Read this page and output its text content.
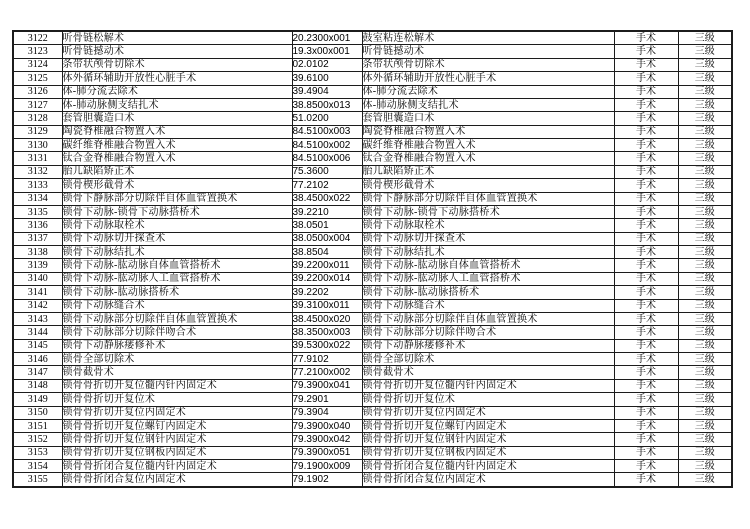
3122	听骨链松解术	20.2300x001	鼓室粘连松解术	手术	三级
3123	听骨链撼动术	19.3x00x001	听骨链撼动术	手术	三级
3124	条带状颅骨切除术	02.0102	条带状颅骨切除术	手术	三级
3125	体外循环辅助开放性心脏手术	39.6100	体外循环辅助开放性心脏手术	手术	三级
3126	体-肺分流去除术	39.4904	体-肺分流去除术	手术	三级
3127	体-肺动脉侧支结扎术	38.8500x013	体-肺动脉侧支结扎术	手术	三级
3128	套管胆囊造口术	51.0200	套管胆囊造口术	手术	三级
3129	陶瓷脊椎融合物置入术	84.5100x003	陶瓷脊椎融合物置入术	手术	三级
3130	碳纤维脊椎融合物置入术	84.5100x002	碳纤维脊椎融合物置入术	手术	三级
3131	钛合金脊椎融合物置入术	84.5100x006	钛合金脊椎融合物置入术	手术	三级
3132	胎儿缺陷矫正术	75.3600	胎儿缺陷矫正术	手术	三级
3133	锁骨楔形截骨术	77.2102	锁骨楔形截骨术	手术	三级
3134	锁骨下静脉部分切除伴自体血管置换术	38.4500x022	锁骨下静脉部分切除伴自体血管置换术	手术	三级
3135	锁骨下动脉-锁骨下动脉搭桥术	39.2210	锁骨下动脉-锁骨下动脉搭桥术	手术	三级
3136	锁骨下动脉取栓术	38.0501	锁骨下动脉取栓术	手术	三级
3137	锁骨下动脉切开探查术	38.0500x004	锁骨下动脉切开探查术	手术	三级
3138	锁骨下动脉结扎术	38.8504	锁骨下动脉结扎术	手术	三级
3139	锁骨下动脉-肱动脉自体血管搭桥术	39.2200x011	锁骨下动脉-肱动脉自体血管搭桥术	手术	三级
3140	锁骨下动脉-肱动脉人工血管搭桥术	39.2200x014	锁骨下动脉-肱动脉人工血管搭桥术	手术	三级
3141	锁骨下动脉-肱动脉搭桥术	39.2202	锁骨下动脉-肱动脉搭桥术	手术	三级
3142	锁骨下动脉缝合术	39.3100x011	锁骨下动脉缝合术	手术	三级
3143	锁骨下动脉部分切除伴自体血管置换术	38.4500x020	锁骨下动脉部分切除伴自体血管置换术	手术	三级
3144	锁骨下动脉部分切除伴吻合术	38.3500x003	锁骨下动脉部分切除伴吻合术	手术	三级
3145	锁骨下动静脉瘘修补术	39.5300x022	锁骨下动静脉瘘修补术	手术	三级
3146	锁骨全部切除术	77.9102	锁骨全部切除术	手术	三级
3147	锁骨截骨术	77.2100x002	锁骨截骨术	手术	三级
3148	锁骨骨折切开复位髓内针内固定术	79.3900x041	锁骨骨折切开复位髓内针内固定术	手术	三级
3149	锁骨骨折切开复位术	79.2901	锁骨骨折切开复位术	手术	三级
3150	锁骨骨折切开复位内固定术	79.3904	锁骨骨折切开复位内固定术	手术	三级
3151	锁骨骨折切开复位螺钉内固定术	79.3900x040	锁骨骨折切开复位螺钉内固定术	手术	三级
3152	锁骨骨折切开复位钢针内固定术	79.3900x042	锁骨骨折切开复位钢针内固定术	手术	三级
3153	锁骨骨折切开复位钢板内固定术	79.3900x051	锁骨骨折切开复位钢板内固定术	手术	三级
3154	锁骨骨折闭合复位髓内针内固定术	79.1900x009	锁骨骨折闭合复位髓内针内固定术	手术	三级
3155	锁骨骨折闭合复位内固定术	79.1902	锁骨骨折闭合复位内固定术	手术	三级
